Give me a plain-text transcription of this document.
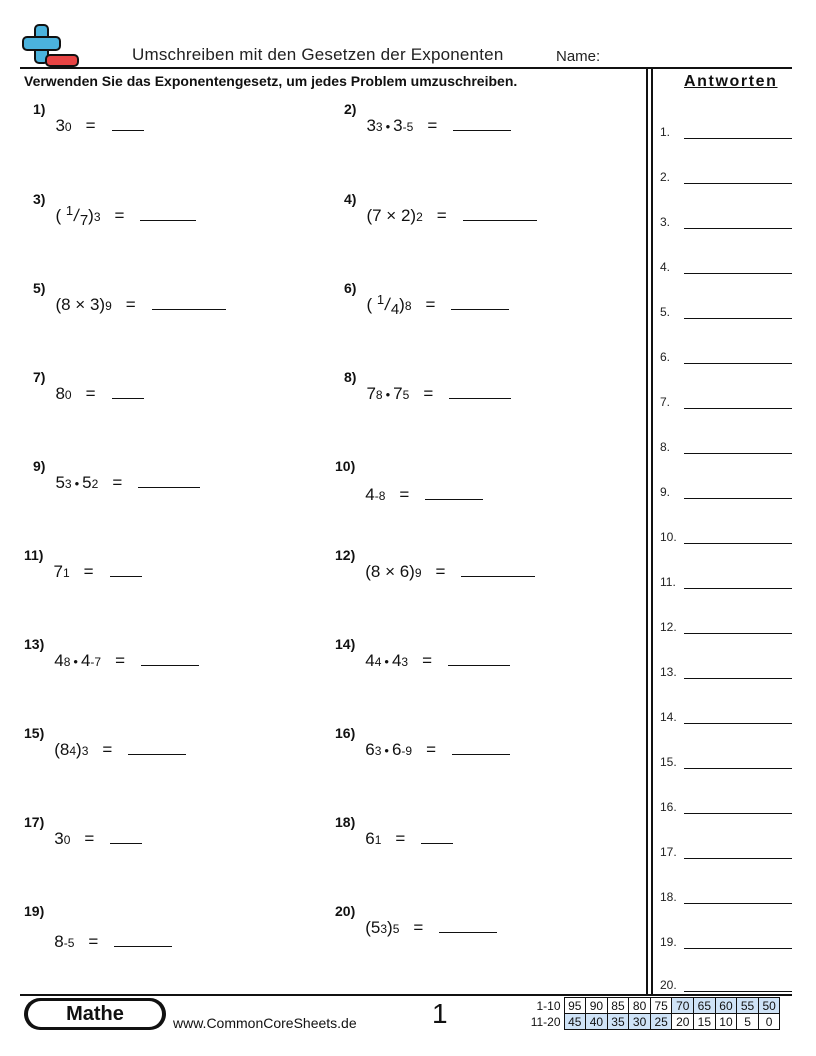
Umschreiben mit den Gesetzen der Exponenten	Name:
Verwenden Sie das Exponentengesetz, um jedes Problem umzuschreiben.	Antworten
1)
3 0 =
3)
( 1 / 7 ) 3 =
5)
(8 × 3) 9 =
7)
8 0 =
9)
5 3 • 5 2 =
11)
7 1 =
13)
4 8 • 4 -7 =
15)
(8 4 ) 3 =
17)
3 0 =
19)
8 -5 =
2)
3 3 • 3 -5 =
4)
(7 × 2) 2 =
6)
( 1 / 4 ) 8 =
8)
7 8 • 7 5 =
10)
4 -8 =
12)
(8 × 6) 9 =
14)
4 4 • 4 3 =
16)
6 3 • 6 -9 =
18)
6 1 =
20)
(5 3 ) 5 =
1.
2.
3.
4.
5.
6.
7.
8.
9.
10.
11.
12.
13.
14.
15.
16.
17.
18.
19.
20.
Mathe	www.CommonCoreSheets.de	1	1-10	95	90	85	80	75	70	65	60	55	50
11-20	45	40	35	30	25	20	15	10	5	0
